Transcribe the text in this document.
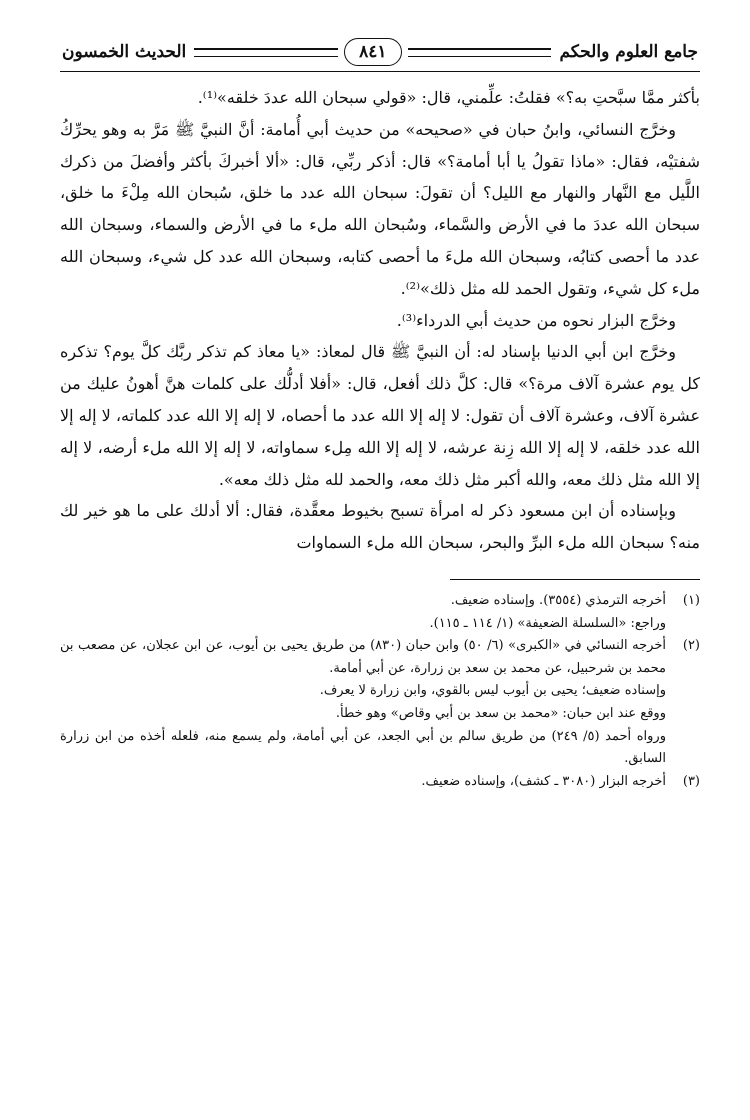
جامع العلوم والحكم
٨٤١
الحديث الخمسون

بأكثر ممَّا سبَّحتِ به؟» فقلتُ: علِّمني، قال: «قولي سبحان الله عددَ خلقه»⁽¹⁾.

وخرَّج النسائي، وابنُ حبان في «صحيحه» من حديث أبي أُمامة: أنَّ النبيَّ ﷺ مَرَّ به وهو يحرِّكُ شفتيْه، فقال: «ماذا تقولُ يا أبا أمامة؟» قال: أذكر ربِّي، قال: «ألا أخبركَ بأكثر وأفضلَ من ذكرك اللَّيل مع النَّهار والنهار مع الليل؟ أن تقولَ: سبحان الله عدد ما خلق، سُبحان الله مِلْءَ ما خلق، سبحان الله عددَ ما في الأرض والسَّماء، وسُبحان الله ملء ما في الأرض والسماء، وسبحان الله عدد ما أحصى كتابُه، وسبحان الله ملءَ ما أحصى كتابه، وسبحان الله عدد كل شيء، وسبحان الله ملء كل شيء، وتقول الحمد لله مثل ذلك»⁽²⁾.

وخرَّج البزار نحوه من حديث أبي الدرداء⁽³⁾.

وخرَّج ابن أبي الدنيا بإسناد له: أن النبيَّ ﷺ قال لمعاذ: «يا معاذ كم تذكر ربَّك كلَّ يوم؟ تذكره كل يوم عشرة آلاف مرة؟» قال: كلَّ ذلك أفعل، قال: «أفلا أدلُّك على كلمات هنَّ أهونُ عليك من عشرة آلاف، وعشرة آلاف أن تقول: لا إله إلا الله عدد ما أحصاه، لا إله إلا الله عدد كلماته، لا إله إلا الله عدد خلقه، لا إله إلا الله زِنة عرشه، لا إله إلا الله مِلء سماواته، لا إله إلا الله ملء أرضه، لا إله إلا الله مثل ذلك معه، والله أكبر مثل ذلك معه، والحمد لله مثل ذلك معه».

وبإسناده أن ابن مسعود ذكر له امرأة تسبح بخيوط معقَّدة، فقال: ألا أدلك على ما هو خير لك منه؟ سبحان الله ملء البرِّ والبحر، سبحان الله ملء السماوات

(١)
أخرجه الترمذي (٣٥٥٤). وإسناده ضعيف.
وراجع: «السلسلة الضعيفة» (١/ ١١٤ ـ ١١٥).
(٢)
أخرجه النسائي في «الكبرى» (٦/ ٥٠) وابن حبان (٨٣٠) من طريق يحيى بن أيوب، عن ابن عجلان، عن مصعب بن محمد بن شرحبيل، عن محمد بن سعد بن زرارة، عن أبي أمامة.
وإسناده ضعيف؛ يحيى بن أيوب ليس بالقوي، وابن زرارة لا يعرف.
ووقع عند ابن حبان: «محمد بن سعد بن أبي وقاص» وهو خطأ.
ورواه أحمد (٥/ ٢٤٩) من طريق سالم بن أبي الجعد، عن أبي أمامة، ولم يسمع منه، فلعله أخذه من ابن زرارة السابق.
(٣)
أخرجه البزار (٣٠٨٠ ـ كشف)، وإسناده ضعيف.
